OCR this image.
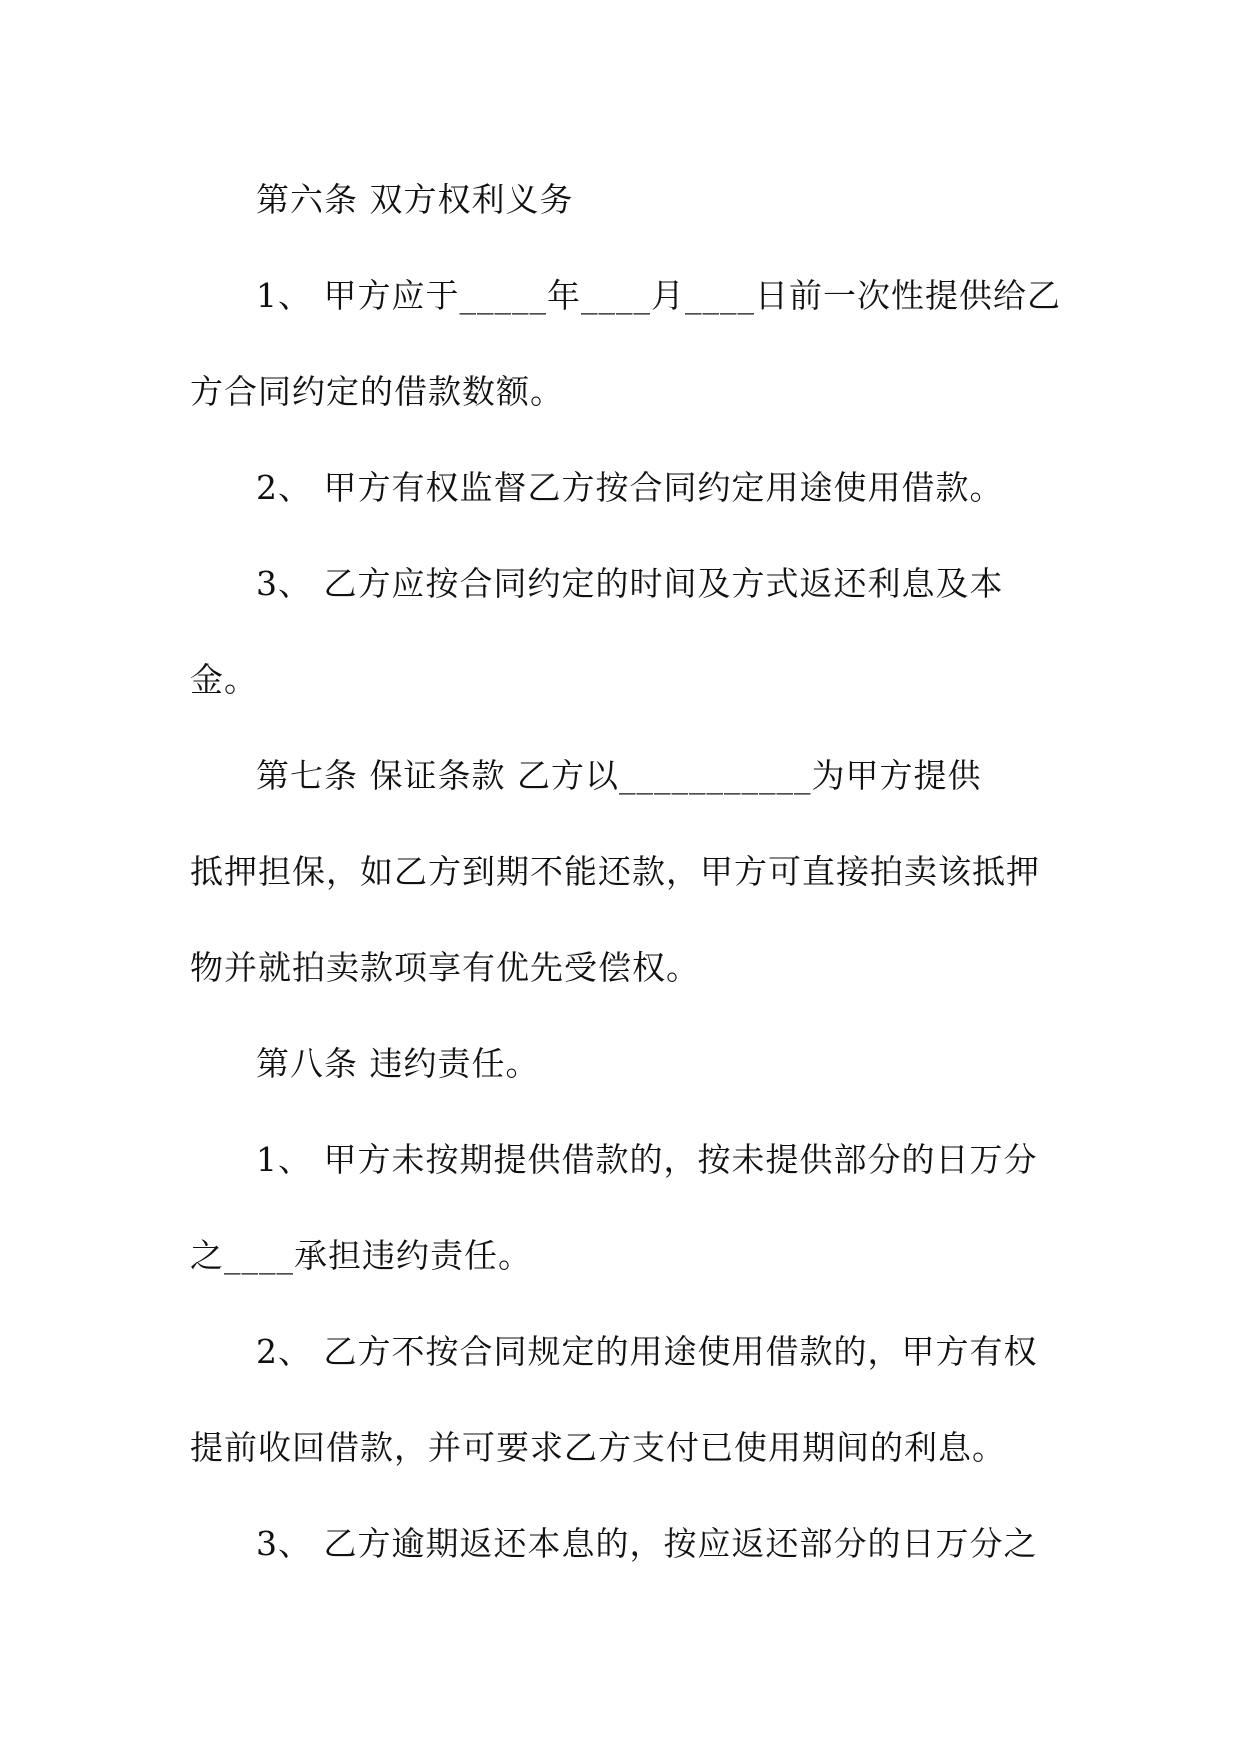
第六条 双方权利义务
1、 甲方应于_____年____月____日前一次性提供给乙
方合同约定的借款数额。
2、 甲方有权监督乙方按合同约定用途使用借款。
3、 乙方应按合同约定的时间及方式返还利息及本
金。
第七条 保证条款 乙方以___________为甲方提供
抵押担保，如乙方到期不能还款，甲方可直接拍卖该抵押
物并就拍卖款项享有优先受偿权。
第八条 违约责任。
1、 甲方未按期提供借款的，按未提供部分的日万分
之____承担违约责任。
2、 乙方不按合同规定的用途使用借款的，甲方有权
提前收回借款，并可要求乙方支付已使用期间的利息。
3、 乙方逾期返还本息的，按应返还部分的日万分之
